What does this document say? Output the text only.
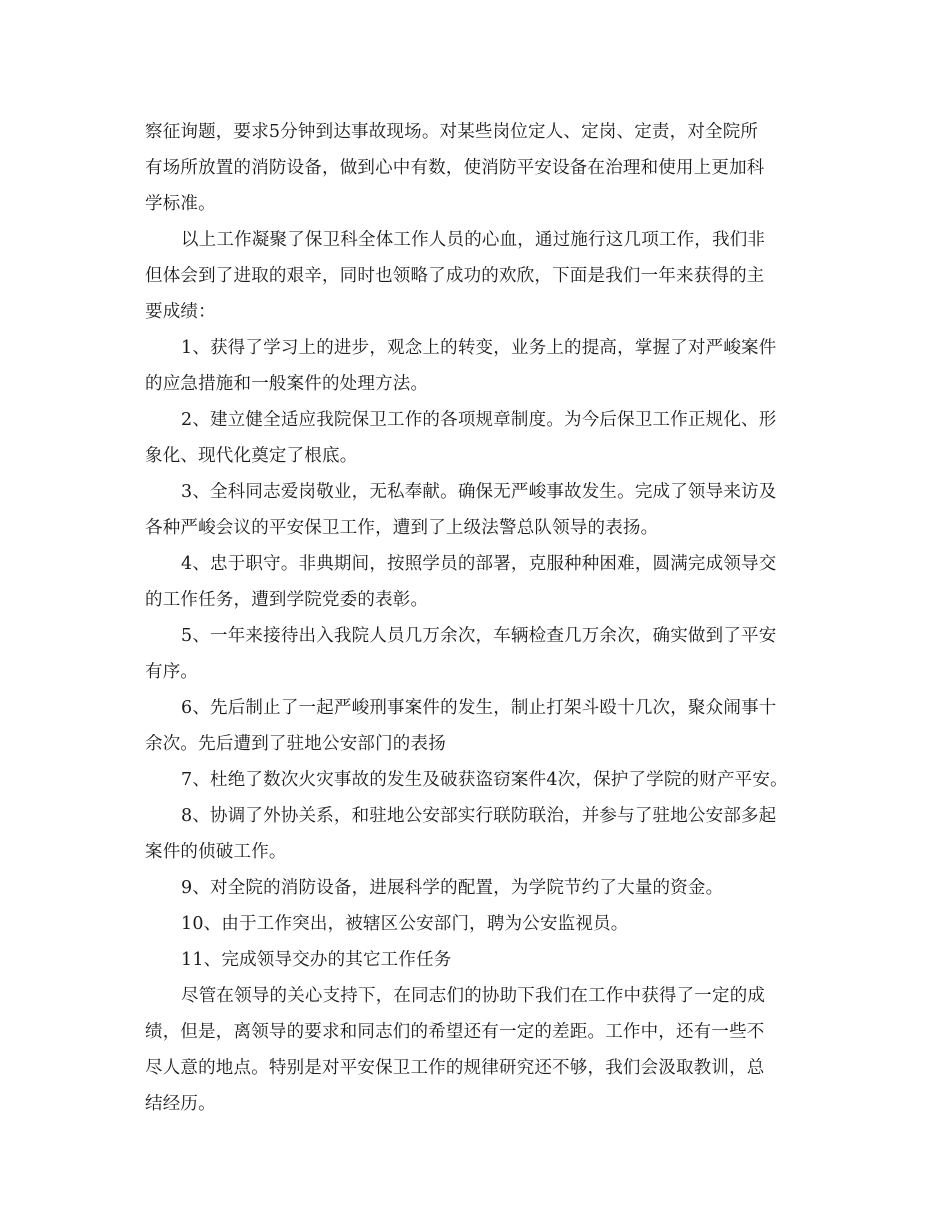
察征询题，要求5分钟到达事故现场。对某些岗位定人、定岗、定责，对全院所
有场所放置的消防设备，做到心中有数，使消防平安设备在治理和使用上更加科
学标准。
以上工作凝聚了保卫科全体工作人员的心血，通过施行这几项工作，我们非
但体会到了进取的艰辛，同时也领略了成功的欢欣，下面是我们一年来获得的主
要成绩：
1、获得了学习上的进步，观念上的转变，业务上的提高，掌握了对严峻案件
的应急措施和一般案件的处理方法。
2、建立健全适应我院保卫工作的各项规章制度。为今后保卫工作正规化、形
象化、现代化奠定了根底。
3、全科同志爱岗敬业，无私奉献。确保无严峻事故发生。完成了领导来访及
各种严峻会议的平安保卫工作，遭到了上级法警总队领导的表扬。
4、忠于职守。非典期间，按照学员的部署，克服种种困难，圆满完成领导交
的工作任务，遭到学院党委的表彰。
5、一年来接待出入我院人员几万余次，车辆检查几万余次，确实做到了平安
有序。
6、先后制止了一起严峻刑事案件的发生，制止打架斗殴十几次，聚众闹事十
余次。先后遭到了驻地公安部门的表扬
7、杜绝了数次火灾事故的发生及破获盗窃案件4次，保护了学院的财产平安。
8、协调了外协关系，和驻地公安部实行联防联治，并参与了驻地公安部多起
案件的侦破工作。
9、对全院的消防设备，进展科学的配置，为学院节约了大量的资金。
10、由于工作突出，被辖区公安部门，聘为公安监视员。
11、完成领导交办的其它工作任务
尽管在领导的关心支持下，在同志们的协助下我们在工作中获得了一定的成
绩，但是，离领导的要求和同志们的希望还有一定的差距。工作中，还有一些不
尽人意的地点。特别是对平安保卫工作的规律研究还不够，我们会汲取教训，总
结经历。
